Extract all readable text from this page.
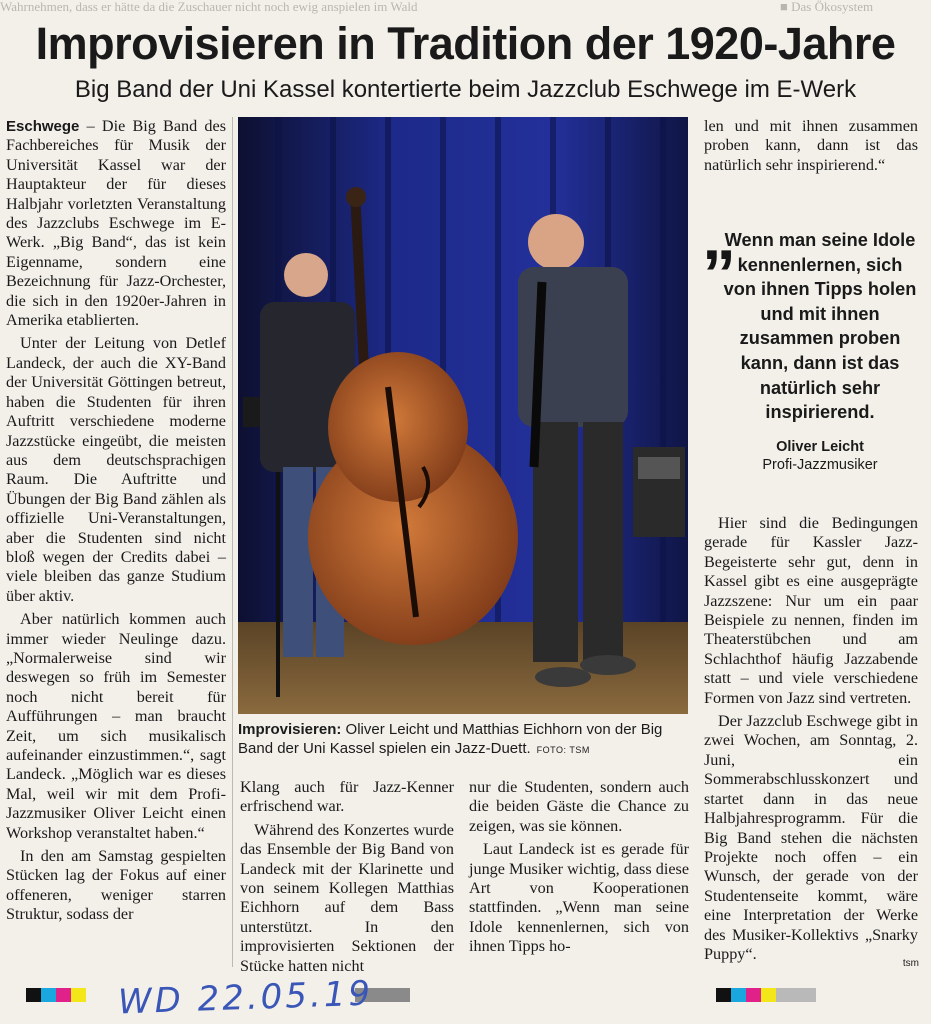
Wahrnehmen, dass er hätte da die Zuschauer nicht noch ewig anspielen im Wald	■ Das Ökosystem
Improvisieren in Tradition der 1920-Jahre
Big Band der Uni Kassel kontertierte beim Jazzclub Eschwege im E-Werk

Eschwege – Die Big Band des Fachbereiches für Musik der Universität Kassel war der Hauptakteur der für dieses Halbjahr vorletzten Veranstaltung des Jazzclubs Eschwege im E-Werk. „Big Band“, das ist kein Eigenname, sondern eine Bezeichnung für Jazz-Orchester, die sich in den 1920er-Jahren in Amerika etablierten.

Unter der Leitung von Detlef Landeck, der auch die XY-Band der Universität Göttingen betreut, haben die Studenten für ihren Auftritt verschiedene moderne Jazzstücke eingeübt, die meisten aus dem deutschsprachigen Raum. Die Auftritte und Übungen der Big Band zählen als offizielle Uni-Veranstaltungen, aber die Studenten sind nicht bloß wegen der Credits dabei – viele bleiben das ganze Studium über aktiv.

Aber natürlich kommen auch immer wieder Neulinge dazu. „Normalerweise sind wir deswegen so früh im Semester noch nicht bereit für Aufführungen – man braucht Zeit, um sich musikalisch aufeinander einzustimmen.“, sagt Landeck. „Möglich war es dieses Mal, weil wir mit dem Profi-Jazzmusiker Oliver Leicht einen Workshop veranstaltet haben.“

In den am Samstag gespielten Stücken lag der Fokus auf einer offeneren, weniger starren Struktur, sodass der

Improvisieren: Oliver Leicht und Matthias Eichhorn von der Big Band der Uni Kassel spielen ein Jazz-Duett. FOTO: TSM

Klang auch für Jazz-Kenner erfrischend war.

Während des Konzertes wurde das Ensemble der Big Band von Landeck mit der Klarinette und von seinem Kollegen Matthias Eichhorn auf dem Bass unterstützt. In den improvisierten Sektionen der Stücke hatten nicht

nur die Studenten, sondern auch die beiden Gäste die Chance zu zeigen, was sie können.

Laut Landeck ist es gerade für junge Musiker wichtig, dass diese Art von Kooperationen stattfinden. „Wenn man seine Idole kennenlernen, sich von ihnen Tipps ho-

len und mit ihnen zusammen proben kann, dann ist das natürlich sehr inspirierend.“

„
Wenn man seine Idole kennenlernen, sich von ihnen Tipps holen und mit ihnen zusammen proben kann, dann ist das natürlich sehr inspirierend.
Oliver Leicht
Profi-Jazzmusiker

Hier sind die Bedingungen gerade für Kassler Jazz-Begeisterte sehr gut, denn in Kassel gibt es eine ausgeprägte Jazzszene: Nur um ein paar Beispiele zu nennen, finden im Theaterstübchen und am Schlachthof häufig Jazzabende statt – und viele verschiedene Formen von Jazz sind vertreten.

Der Jazzclub Eschwege gibt in zwei Wochen, am Sonntag, 2. Juni, ein Sommerabschlusskonzert und startet dann in das neue Halbjahresprogramm. Für die Big Band stehen die nächsten Projekte noch offen – ein Wunsch, der gerade von der Studentenseite kommt, wäre eine Interpretation der Werke des Musiker-Kollektivs „Snarky Puppy“.

tsm
WD 22.05.19
